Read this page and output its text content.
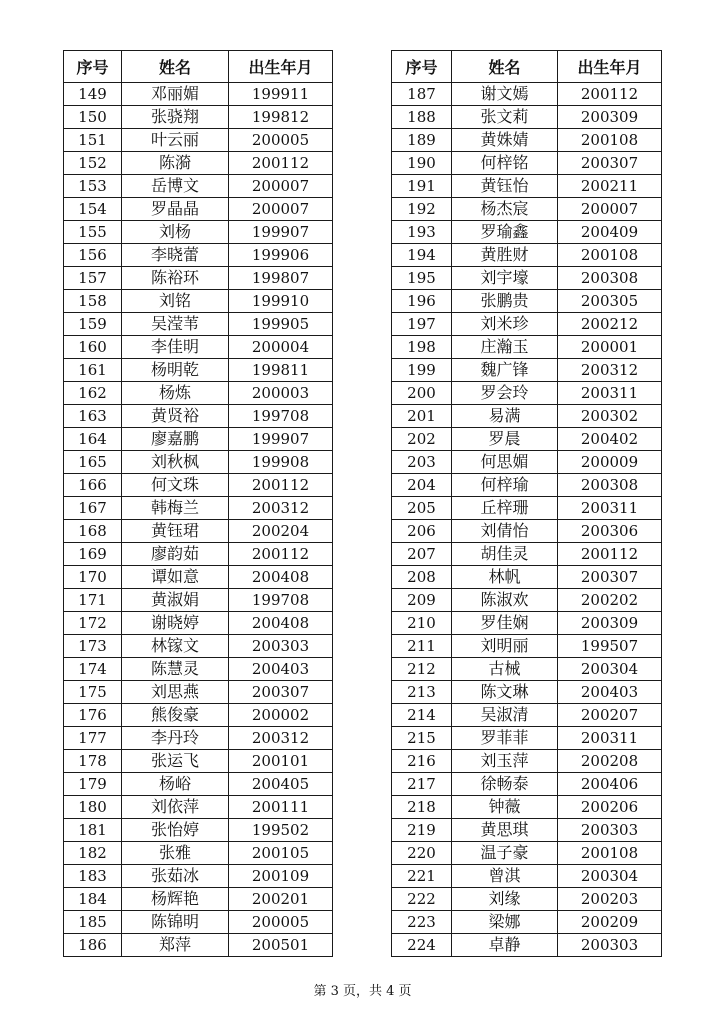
序号	姓名	出生年月
149	邓丽媚	199911
150	张骁翔	199812
151	叶云丽	200005
152	陈漪	200112
153	岳博文	200007
154	罗晶晶	200007
155	刘杨	199907
156	李晓蕾	199906
157	陈裕环	199807
158	刘铭	199910
159	吴滢苇	199905
160	李佳明	200004
161	杨明乾	199811
162	杨炼	200003
163	黄贤裕	199708
164	廖嘉鹏	199907
165	刘秋枫	199908
166	何文珠	200112
167	韩梅兰	200312
168	黄钰珺	200204
169	廖韵茹	200112
170	谭如意	200408
171	黄淑娟	199708
172	谢晓婷	200408
173	林镓文	200303
174	陈慧灵	200403
175	刘思燕	200307
176	熊俊豪	200002
177	李丹玲	200312
178	张运飞	200101
179	杨峪	200405
180	刘依萍	200111
181	张怡婷	199502
182	张雅	200105
183	张茹冰	200109
184	杨辉艳	200201
185	陈锦明	200005
186	郑萍	200501
序号	姓名	出生年月
187	谢文嫣	200112
188	张文莉	200309
189	黄姝婧	200108
190	何梓铭	200307
191	黄钰怡	200211
192	杨杰宸	200007
193	罗瑜鑫	200409
194	黄胜财	200108
195	刘宇壕	200308
196	张鹏贵	200305
197	刘米珍	200212
198	庄瀚玉	200001
199	魏广锋	200312
200	罗会玲	200311
201	易满	200302
202	罗晨	200402
203	何思媚	200009
204	何梓瑜	200308
205	丘梓珊	200311
206	刘倩怡	200306
207	胡佳灵	200112
208	林帆	200307
209	陈淑欢	200202
210	罗佳娴	200309
211	刘明丽	199507
212	古械	200304
213	陈文琳	200403
214	吴淑清	200207
215	罗菲菲	200311
216	刘玉萍	200208
217	徐畅泰	200406
218	钟薇	200206
219	黄思琪	200303
220	温子豪	200108
221	曾淇	200304
222	刘缘	200203
223	梁娜	200209
224	卓静	200303
第 3 页，共 4 页
